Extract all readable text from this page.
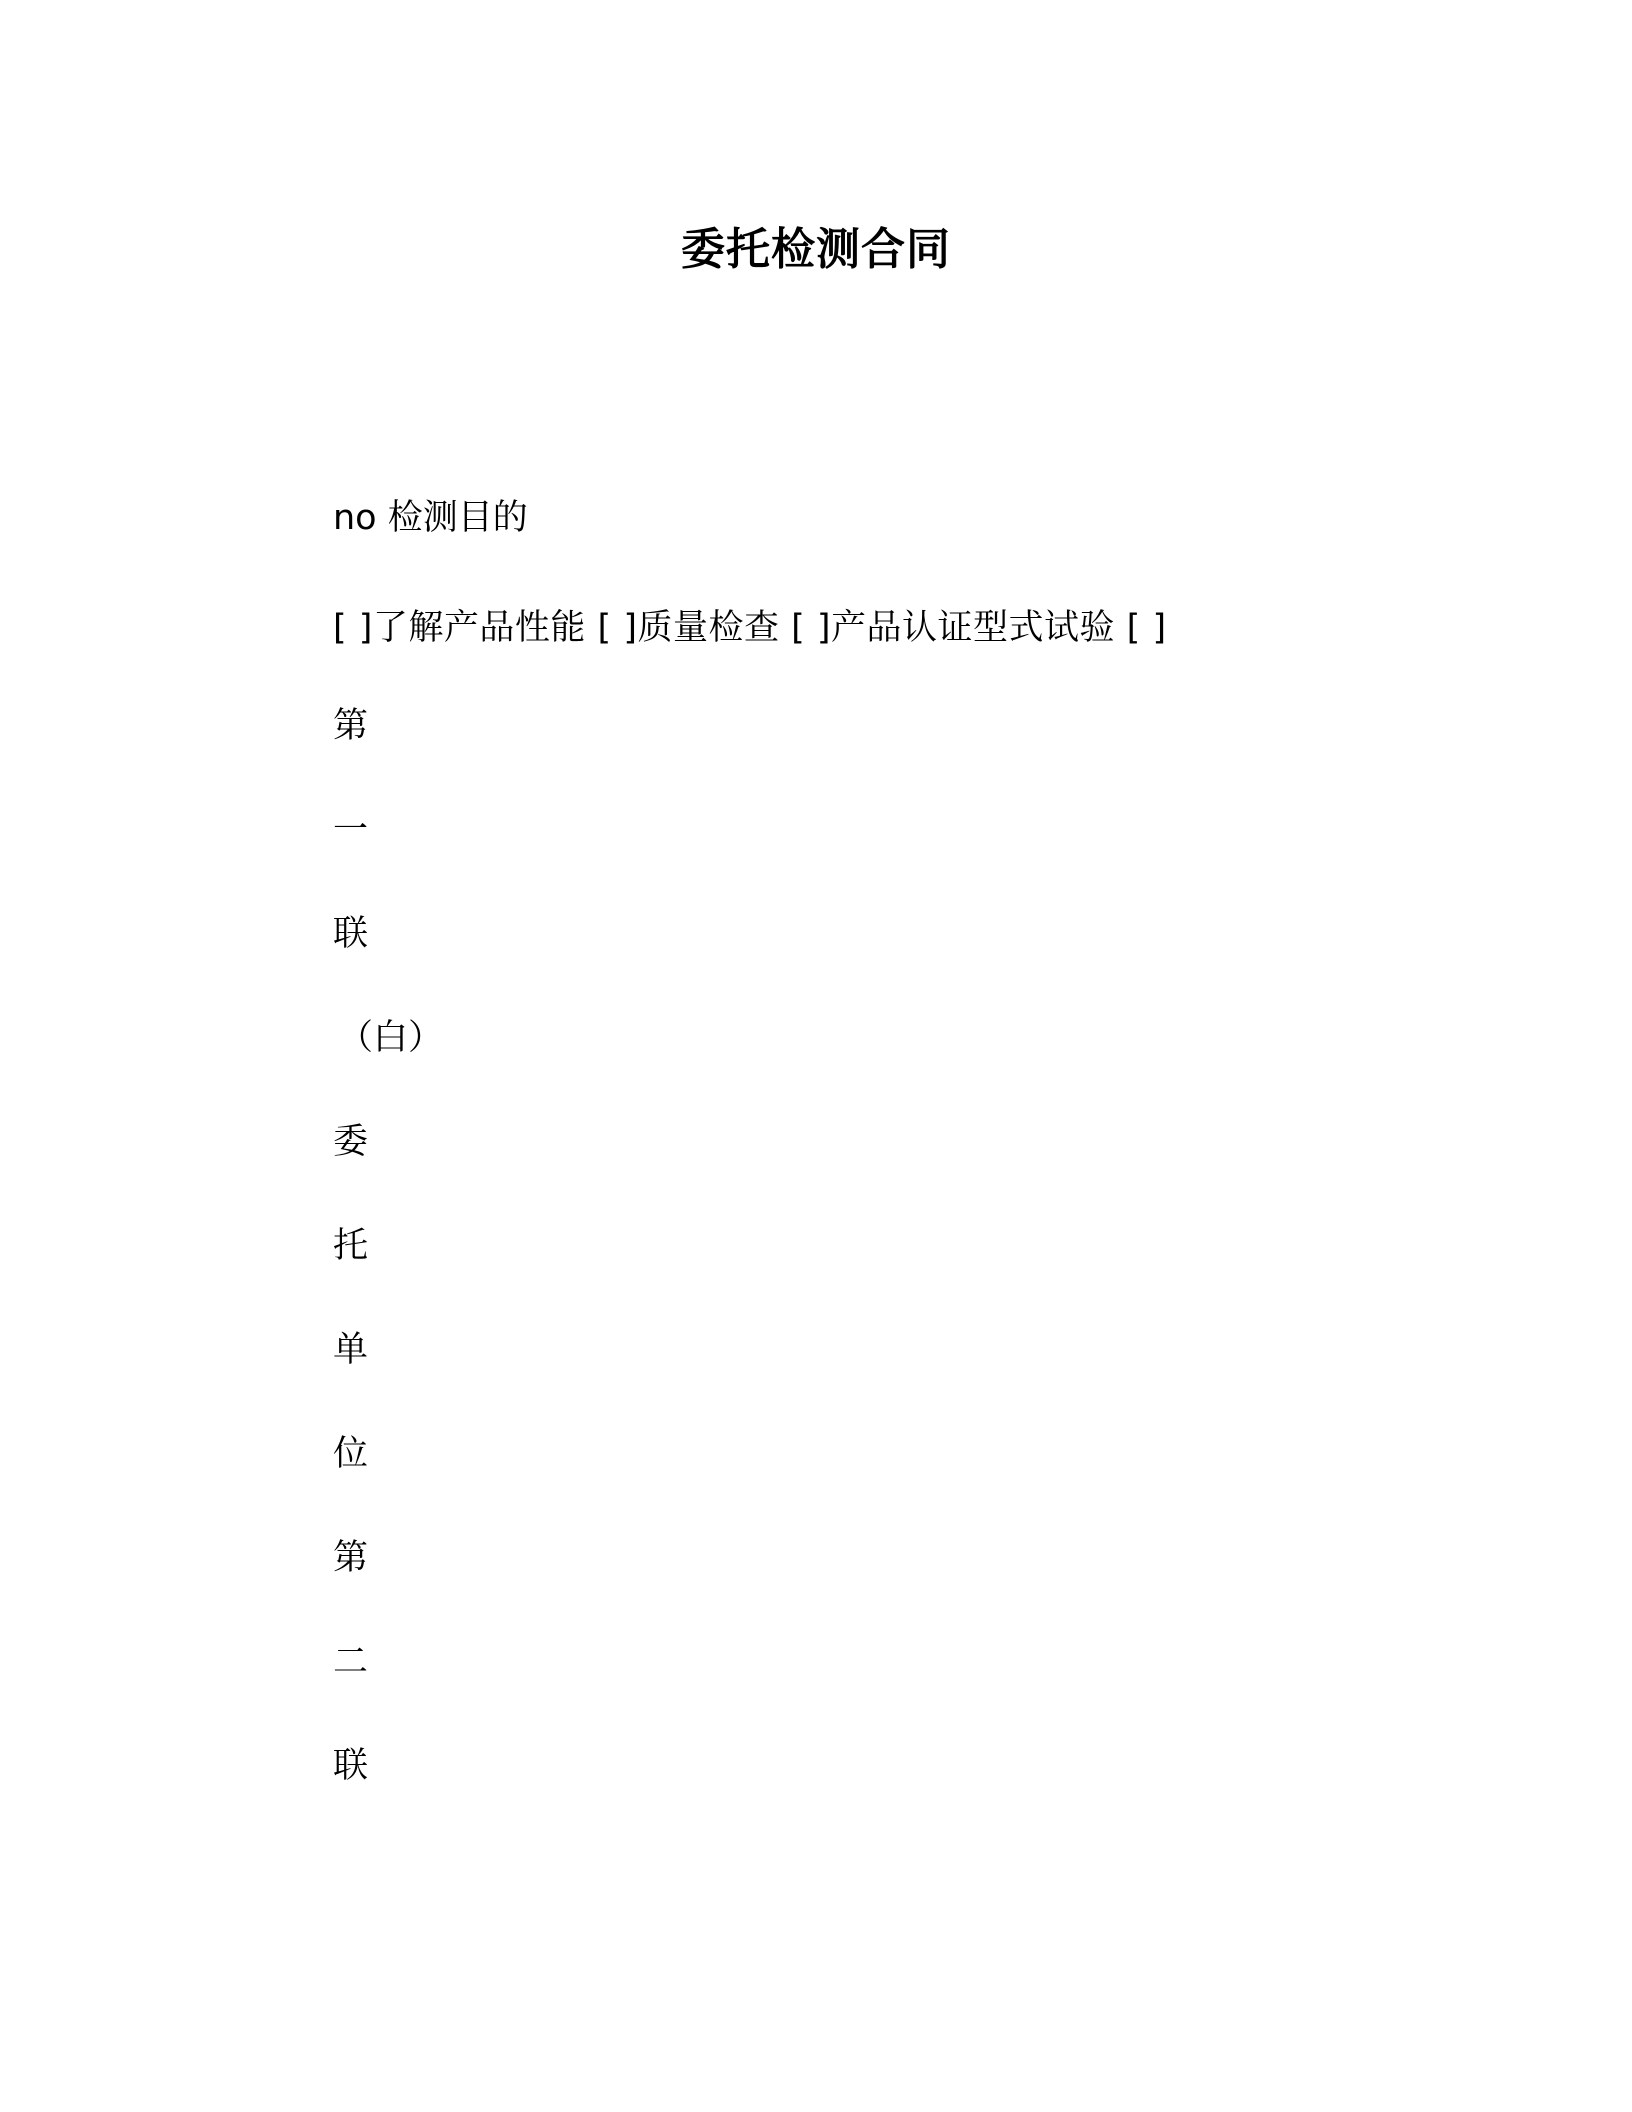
委托检测合同
no 检测目的
[ ]了解产品性能 [ ]质量检查 [ ]产品认证型式试验 [ ]
第
一
联
（白）
委
托
单
位
第
二
联
